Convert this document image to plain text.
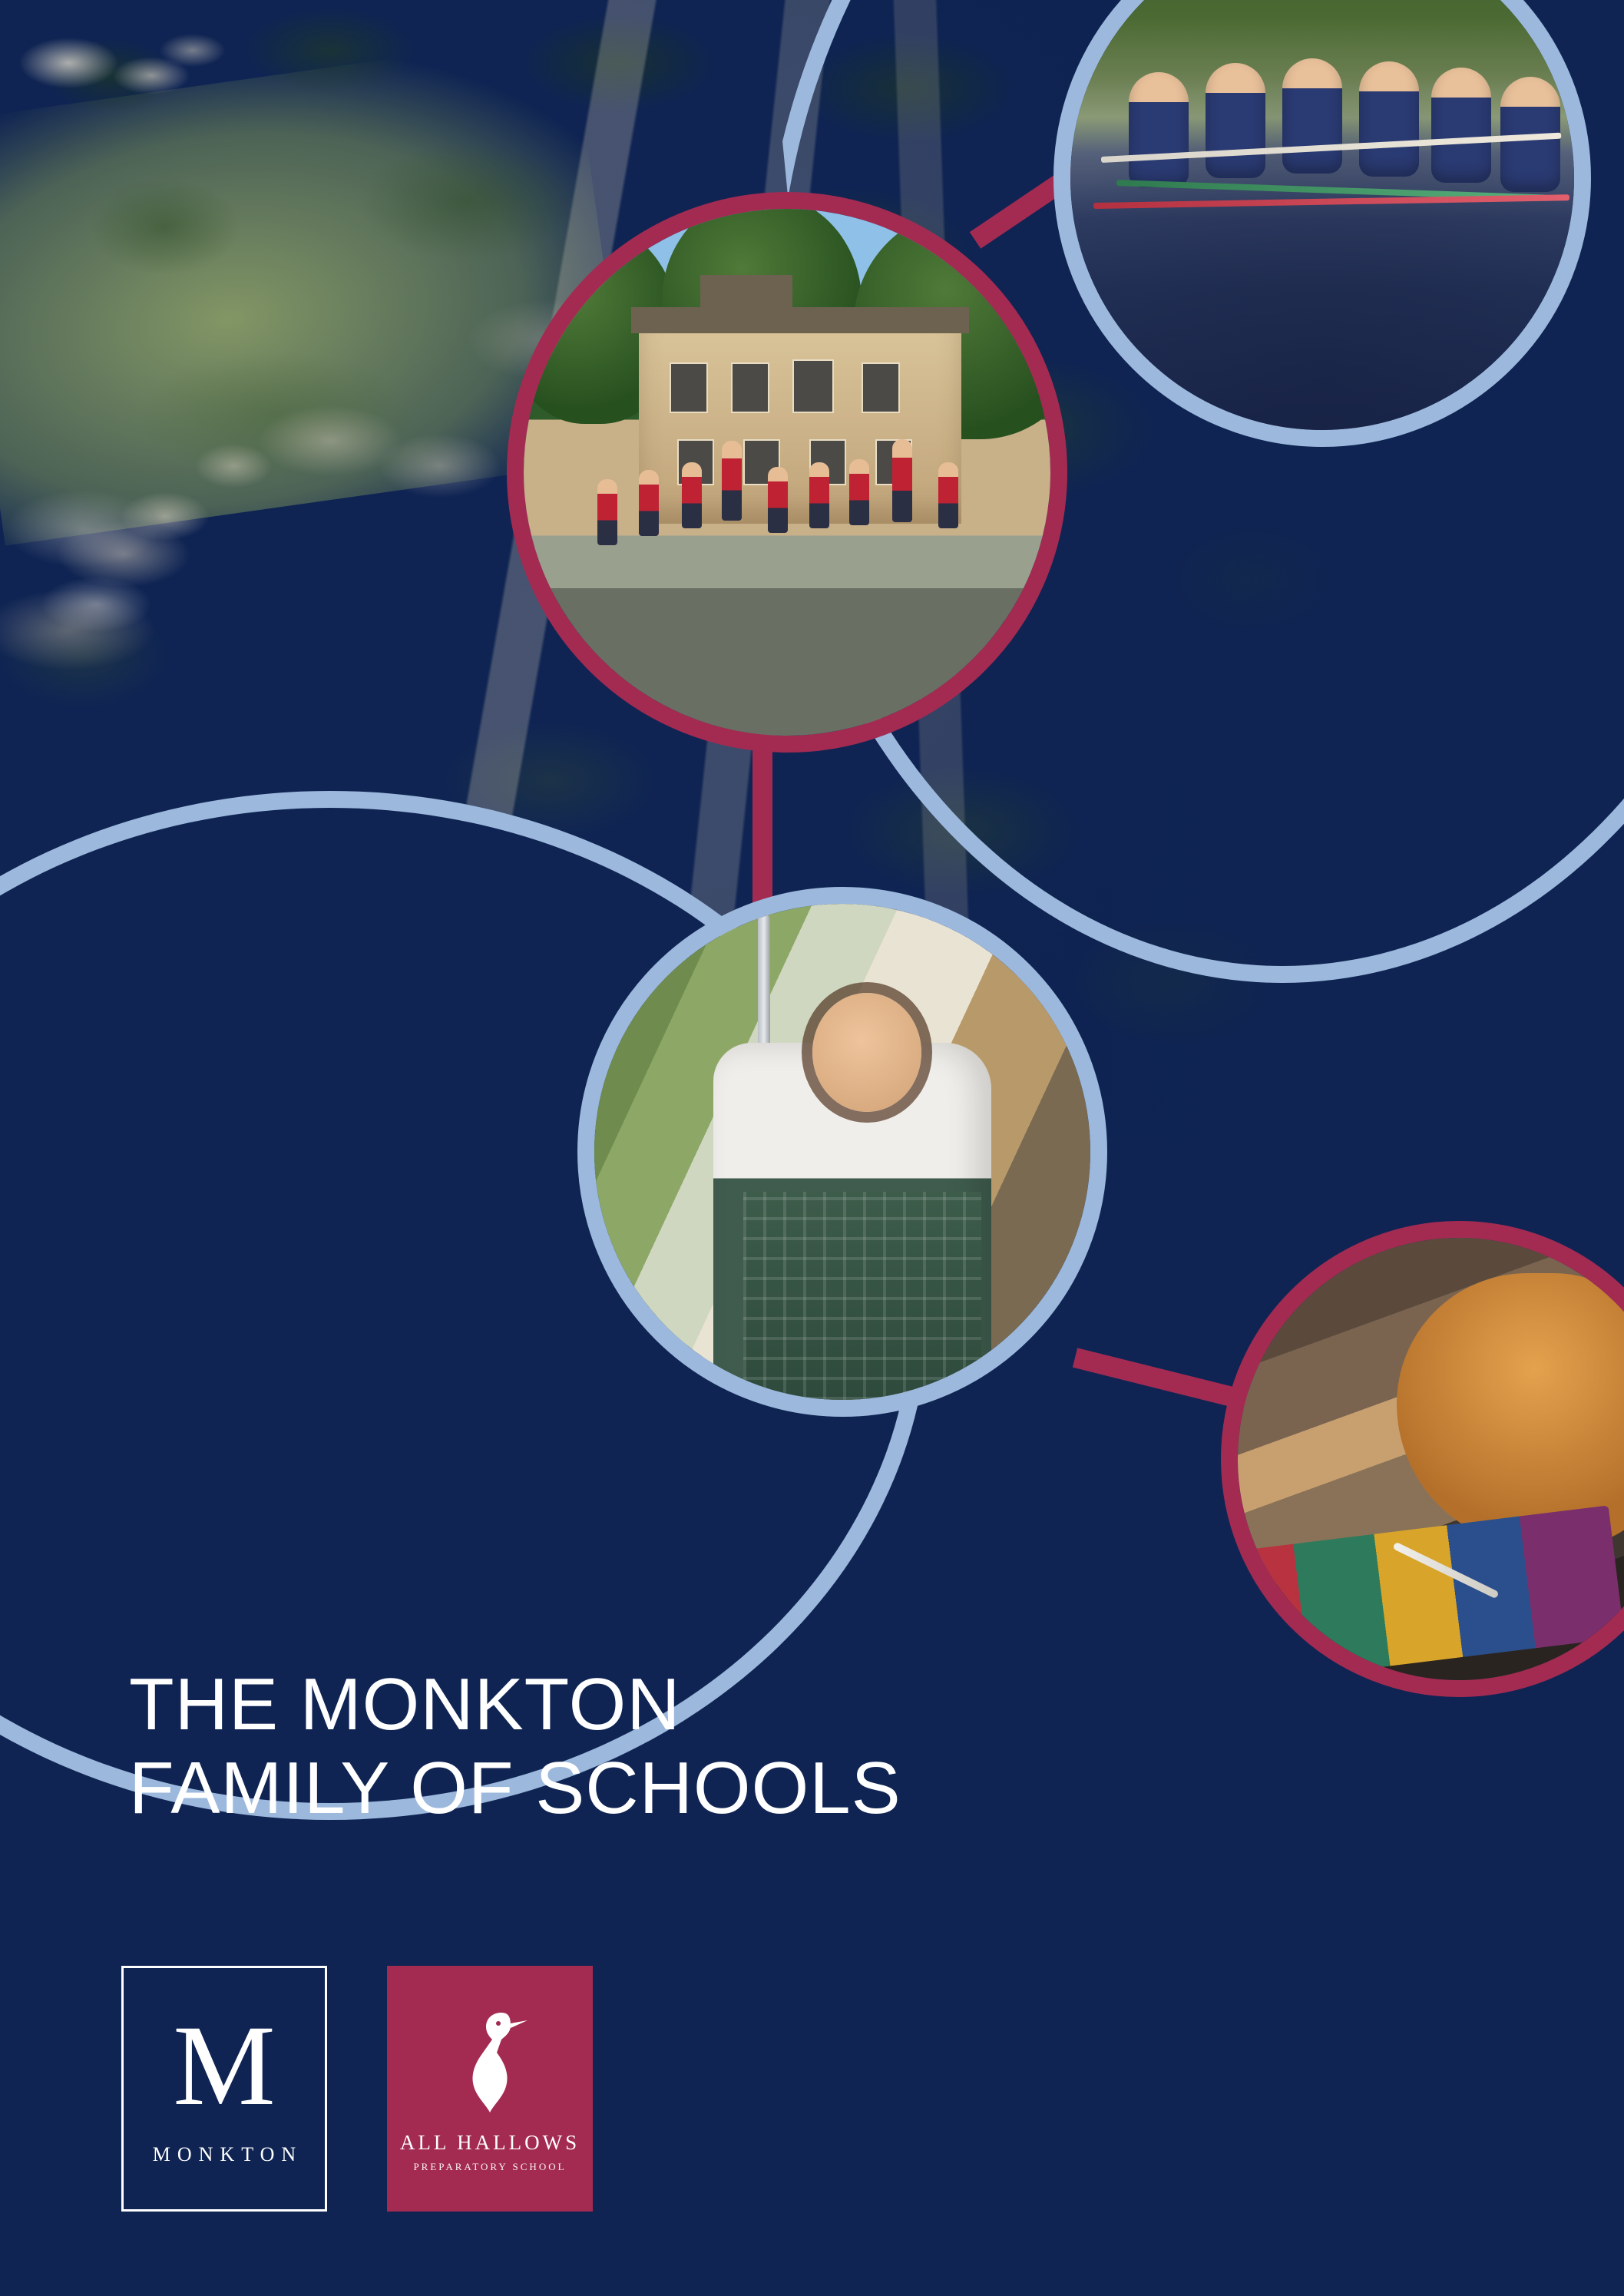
THE MONKTON
FAMILY OF SCHOOLS
M
MONKTON
ALL HALLOWS
PREPARATORY SCHOOL
